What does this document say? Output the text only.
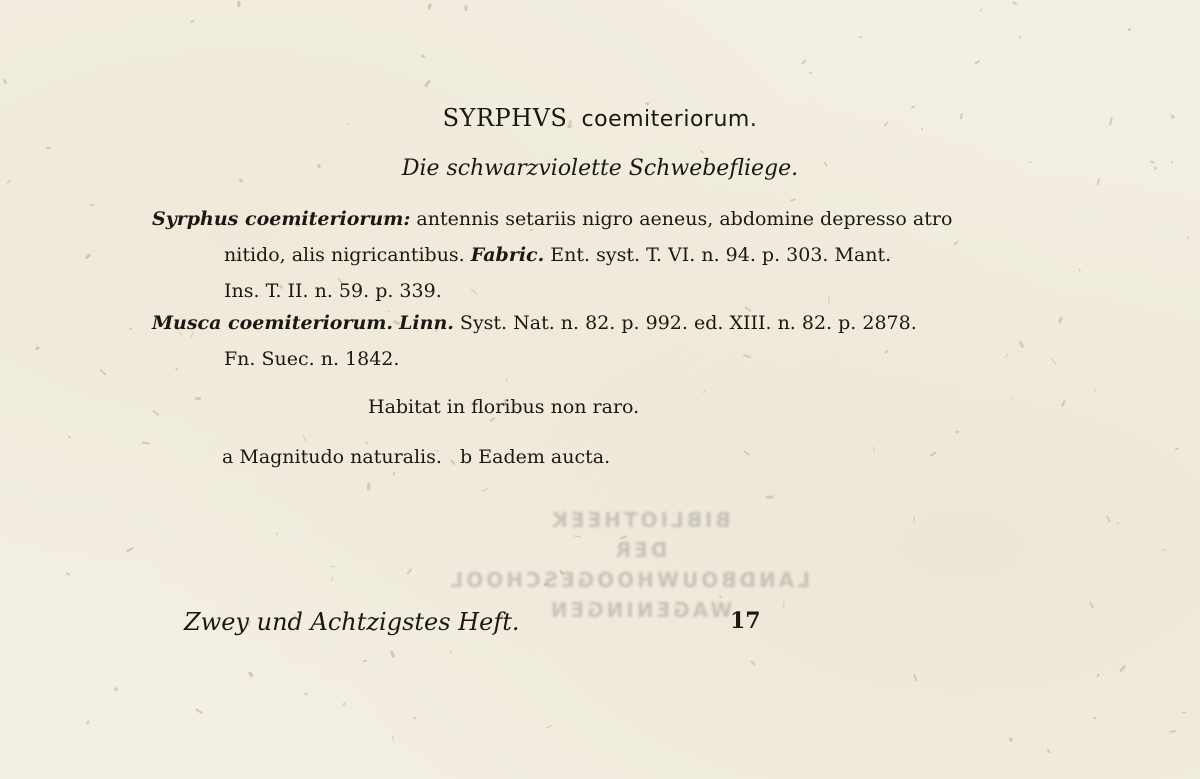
BIBLIOTHEEK
DER
LANDBOUWHOOGESCHOOL
WAGENINGEN
SYRPHVS coemiteriorum.
Die schwarzviolette Schwebefliege.
Syrphus coemiteriorum: antennis setariis nigro aeneus, abdomine depresso atro
nitido, alis nigricantibus. Fabric. Ent. syst. T. VI. n. 94. p. 303. Mant.
Ins. T. II. n. 59. p. 339.
Musca coemiteriorum. Linn. Syst. Nat. n. 82. p. 992. ed. XIII. n. 82. p. 2878.
Fn. Suec. n. 1842.
Habitat in floribus non raro.
a Magnitudo naturalis.   b Eadem aucta.
Zwey und Achtzigstes Heft.	17
